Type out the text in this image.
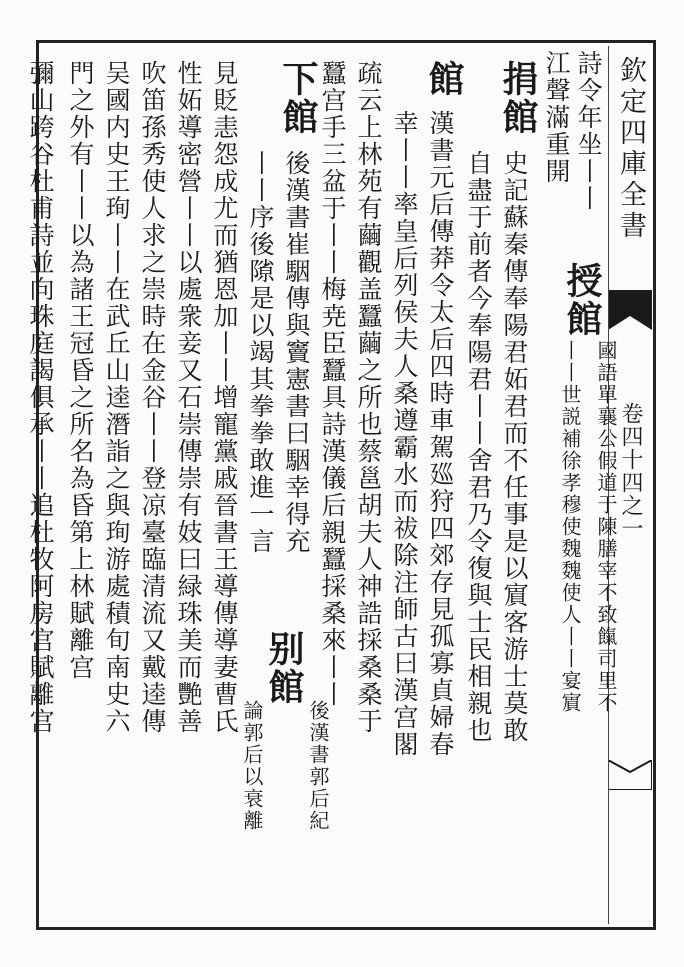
欽定四庫全書
卷四十四之一
詩令年坐丨丨
江聲滿重開
授館
國語單襄公假道于陳膳宰不致餼司里不
丨丨世説補徐孝穆使魏魏使人丨丨宴賔
捐館
史記蘇秦傳奉陽君妬君而不任事是以賔客游士莫敢
自盡于前者今奉陽君丨丨舍君乃令復與士民相親也
館
漢書元后傳莽令太后四時車駕廵狩四郊存見孤寡貞婦春
幸丨丨率皇后列侯夫人桑遵霸水而祓除注師古曰漢宫閣
疏云上林苑有繭觀盖蠶繭之所也蔡邕胡夫人神誥採桑桑于
蠶宫手三盆于丨丨梅尭臣蠶具詩漢儀后親蠶採桑來丨丨
下館
後漢書崔駰傳與竇憲書曰駰幸得充
丨丨序後𨻶是以竭其拳拳敢進一言
别館
後漢書郭后紀
論郭后以衰離
見貶恚怨成尤而猶恩加丨丨增寵黨戚晉書王導傳導妻曹氏
性妬導密營丨丨以處衆妾又石崇傳崇有妓曰緑珠美而艷善
吹笛孫秀使人求之崇時在金谷丨丨登凉臺臨清流又戴逵傳
吴國内史王珣丨丨在武丘山逵潛詣之與珣游處積旬南史六
門之外有丨丨以為諸王冠昏之所名為昏第上林賦離宫
彌山跨谷杜甫詩並向珠庭謁俱承丨丨追杜牧阿房宫賦離宫
